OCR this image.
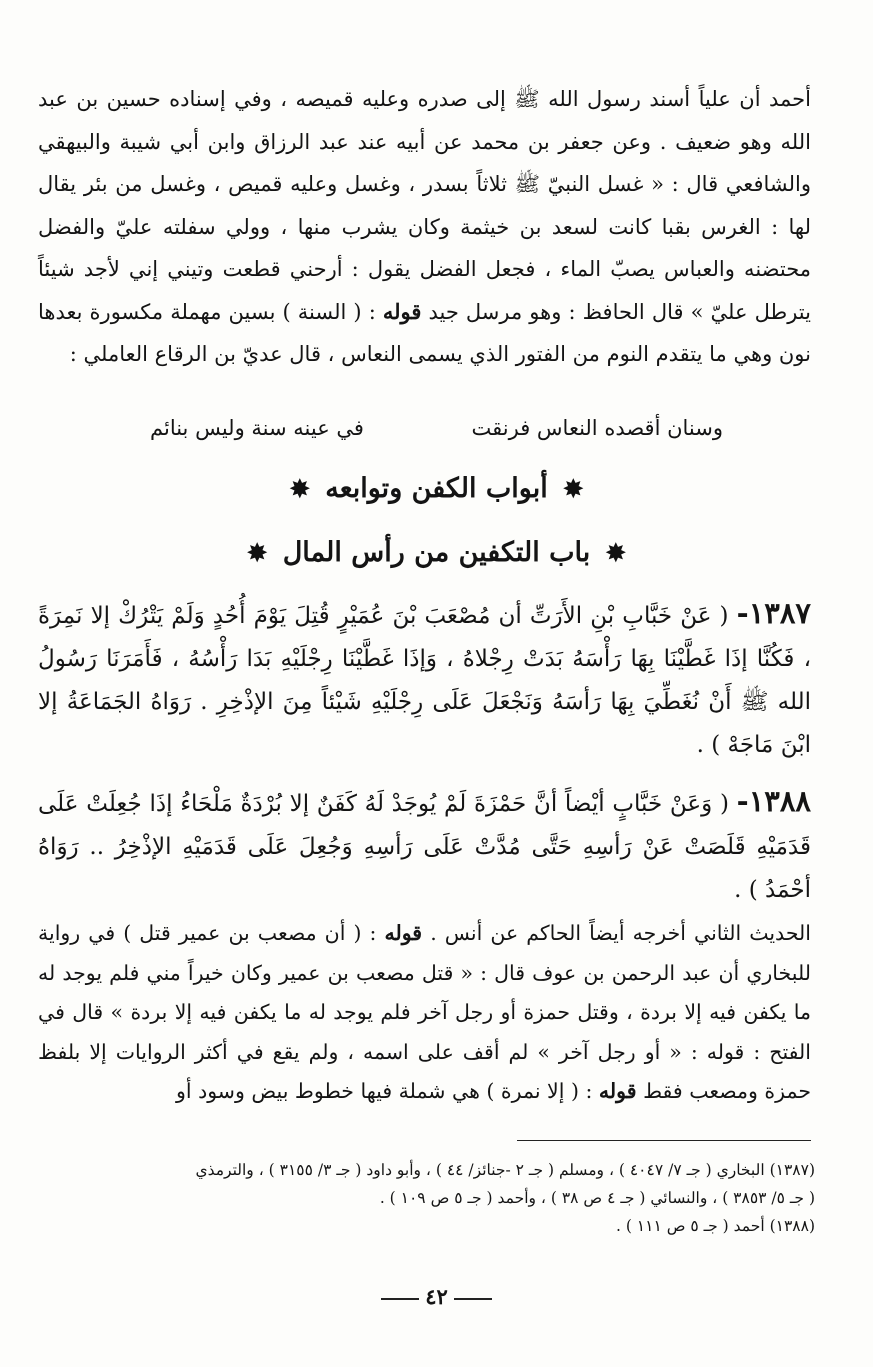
أحمد أن علياً أسند رسول الله ﷺ إلى صدره وعليه قميصه ، وفي إسناده حسين بن عبد الله وهو ضعيف . وعن جعفر بن محمد عن أبيه عند عبد الرزاق وابن أبي شيبة والبيهقي والشافعي قال : « غسل النبيّ ﷺ ثلاثاً بسدر ، وغسل وعليه قميص ، وغسل من بئر يقال لها : الغرس بقبا كانت لسعد بن خيثمة وكان يشرب منها ، وولي سفلته عليّ والفضل محتضنه والعباس يصبّ الماء ، فجعل الفضل يقول : أرحني قطعت وتيني إني لأجد شيئاً يترطل عليّ » قال الحافظ : وهو مرسل جيد قوله : ( السنة ) بسين مهملة مكسورة بعدها نون وهي ما يتقدم النوم من الفتور الذي يسمى النعاس ، قال عديّ بن الرقاع العاملي :
وسنان أقصده النعاس فرنقت
في عينه سنة وليس بنائم
✸ أبواب الكفن وتوابعه ✸
✸ باب التكفين من رأس المال ✸
١٣٨٧- ( عَنْ خَبَّابِ بْنِ الأَرَتِّ أن مُصْعَبَ بْنَ عُمَيْرٍ قُتِلَ يَوْمَ أُحُدٍ وَلَمْ يَتْرُكْ إلا نَمِرَةً ، فَكُنَّا إذَا غَطَّيْنَا بِهَا رَأْسَهُ بَدَتْ رِجْلاهُ ، وَإذَا غَطَّيْنَا رِجْلَيْهِ بَدَا رَأْسُهُ ، فَأَمَرَنَا رَسُولُ الله ﷺ أَنْ نُغَطِّيَ بِهَا رَأسَهُ وَنَجْعَلَ عَلَى رِجْلَيْهِ شَيْئاً مِنَ الإذْخِرِ . رَوَاهُ الجَمَاعَةُ إلا ابْنَ مَاجَهْ ) .
١٣٨٨- ( وَعَنْ خَبَّابٍ أيْضاً أنَّ حَمْزَةَ لَمْ يُوجَدْ لَهُ كَفَنٌ إلا بُرْدَةٌ مَلْحَاءُ إذَا جُعِلَتْ عَلَى قَدَمَيْهِ قَلَصَتْ عَنْ رَأسِهِ حَتَّى مُدَّتْ عَلَى رَأسِهِ وَجُعِلَ عَلَى قَدَمَيْهِ الإذْخِرُ .. رَوَاهُ أحْمَدُ ) .
الحديث الثاني أخرجه أيضاً الحاكم عن أنس . قوله : ( أن مصعب بن عمير قتل ) في رواية للبخاري أن عبد الرحمن بن عوف قال : « قتل مصعب بن عمير وكان خيراً مني فلم يوجد له ما يكفن فيه إلا بردة ، وقتل حمزة أو رجل آخر فلم يوجد له ما يكفن فيه إلا بردة » قال في الفتح : قوله : « أو رجل آخر » لم أقف على اسمه ، ولم يقع في أكثر الروايات إلا بلفظ حمزة ومصعب فقط قوله : ( إلا نمرة ) هي شملة فيها خطوط بيض وسود أو
(١٣٨٧) البخاري ( جـ ٧/ ٤٠٤٧ ) ، ومسلم ( جـ ٢ -جنائز/ ٤٤ ) ، وأبو داود ( جـ ٣/ ٣١٥٥ ) ، والترمذي
( جـ ٥/ ٣٨٥٣ ) ، والنسائي ( جـ ٤ ص ٣٨ ) ، وأحمد ( جـ ٥ ص ١٠٩ ) .
(١٣٨٨) أحمد ( جـ ٥ ص ١١١ ) .
٤٢
